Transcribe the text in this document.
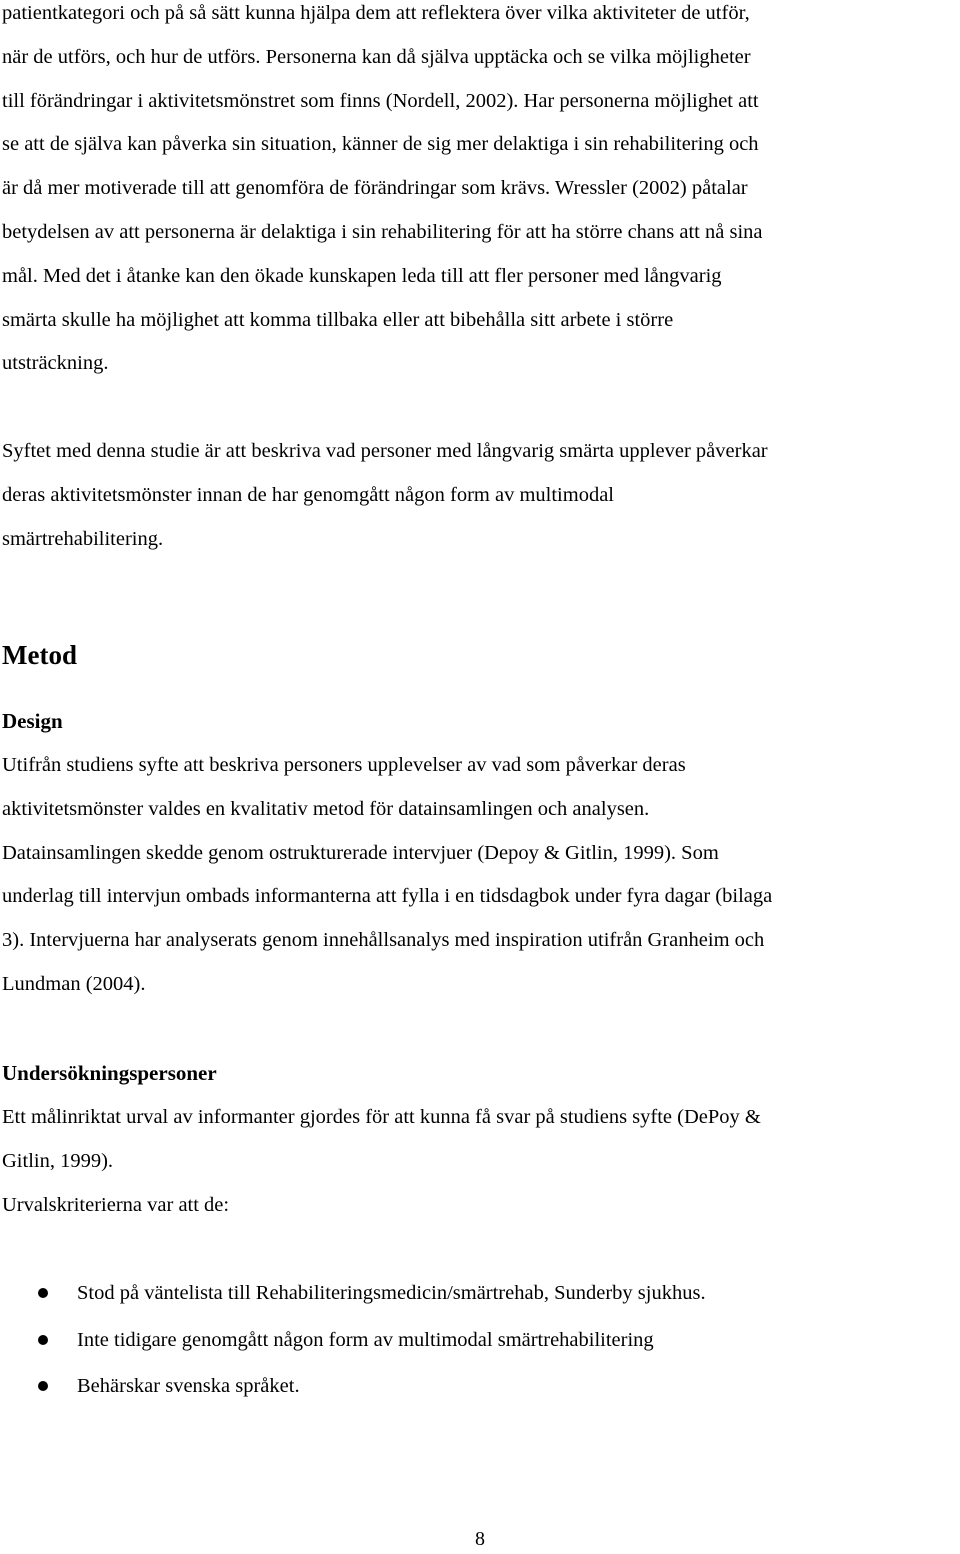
patientkategori och på så sätt kunna hjälpa dem att reflektera över vilka aktiviteter de utför,
när de utförs, och hur de utförs. Personerna kan då själva upptäcka och se vilka möjligheter
till förändringar i aktivitetsmönstret som finns (Nordell, 2002). Har personerna möjlighet att
se att de själva kan påverka sin situation, känner de sig mer delaktiga i sin rehabilitering och
är då mer motiverade till att genomföra de förändringar som krävs. Wressler (2002) påtalar
betydelsen av att personerna är delaktiga i sin rehabilitering för att ha större chans att nå sina
mål. Med det i åtanke kan den ökade kunskapen leda till att fler personer med långvarig
smärta skulle ha möjlighet att komma tillbaka eller att bibehålla sitt arbete i större
utsträckning.
Syftet med denna studie är att beskriva vad personer med långvarig smärta upplever påverkar
deras aktivitetsmönster innan de har genomgått någon form av multimodal
smärtrehabilitering.
Metod
Design
Utifrån studiens syfte att beskriva personers upplevelser av vad som påverkar deras
aktivitetsmönster valdes en kvalitativ metod för datainsamlingen och analysen.
Datainsamlingen skedde genom ostrukturerade intervjuer (Depoy & Gitlin, 1999). Som
underlag till intervjun ombads informanterna att fylla i en tidsdagbok under fyra dagar (bilaga
3). Intervjuerna har analyserats genom innehållsanalys med inspiration utifrån Granheim och
Lundman (2004).
Undersökningspersoner
Ett målinriktat urval av informanter gjordes för att kunna få svar på studiens syfte (DePoy &
Gitlin, 1999).
Urvalskriterierna var att de:
Stod på väntelista till Rehabiliteringsmedicin/smärtrehab, Sunderby sjukhus.
Inte tidigare genomgått någon form av multimodal smärtrehabilitering
Behärskar svenska språket.
8
